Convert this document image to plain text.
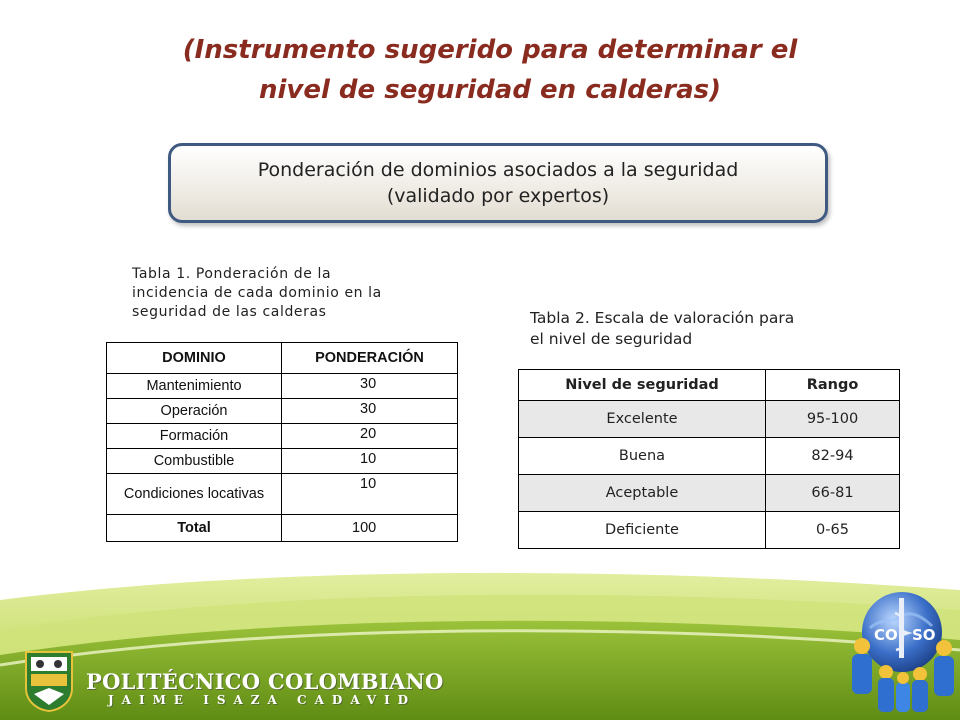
(Instrumento sugerido para determinar el
nivel de seguridad en calderas)
Ponderación de dominios asociados a la seguridad
(validado por expertos)
Tabla 1. Ponderación de la
incidencia de cada dominio en la
seguridad de las calderas
DOMINIO	PONDERACIÓN
Mantenimiento	30
Operación	30
Formación	20
Combustible	10
Condiciones locativas	10
Total	100
Tabla 2. Escala de valoración para
el nivel de seguridad
Nivel de seguridad	Rango
Excelente	95-100
Buena	82-94
Aceptable	66-81
Deficiente	0-65
POLITÉCNICO COLOMBIANO
JAIME ISAZA CADAVID
CO SO
